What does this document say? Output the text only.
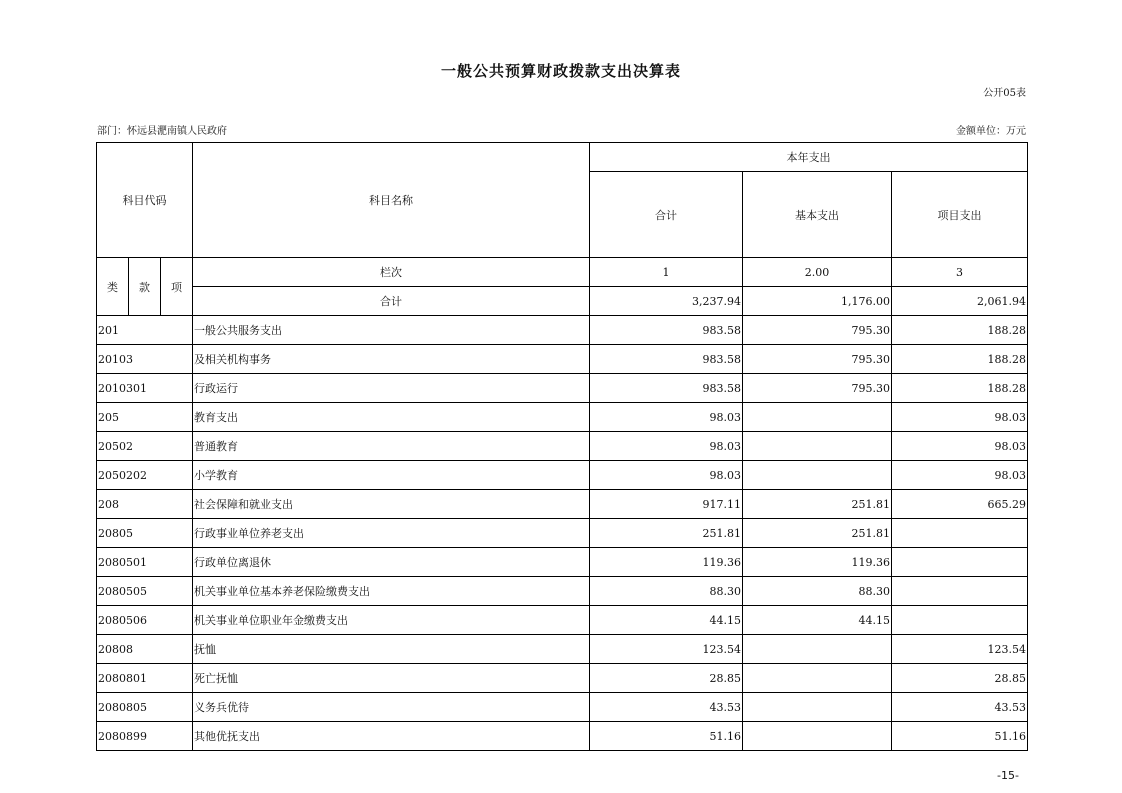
一般公共预算财政拨款支出决算表
公开05表
部门：怀远县淝南镇人民政府	金额单位：万元
科目代码			科目名称	本年支出		
				合计	基本支出	项目支出
类	款	项	栏次	1	2.00	3
			合计	3,237.94	1,176.00	2,061.94
201			一般公共服务支出	983.58	795.30	188.28
20103			及相关机构事务	983.58	795.30	188.28
2010301			行政运行	983.58	795.30	188.28
205			教育支出	98.03		98.03
20502			普通教育	98.03		98.03
2050202			小学教育	98.03		98.03
208			社会保障和就业支出	917.11	251.81	665.29
20805			行政事业单位养老支出	251.81	251.81	
2080501			行政单位离退休	119.36	119.36	
2080505			机关事业单位基本养老保险缴费支出	88.30	88.30	
2080506			机关事业单位职业年金缴费支出	44.15	44.15	
20808			抚恤	123.54		123.54
2080801			死亡抚恤	28.85		28.85
2080805			义务兵优待	43.53		43.53
2080899			其他优抚支出	51.16		51.16
-15-
